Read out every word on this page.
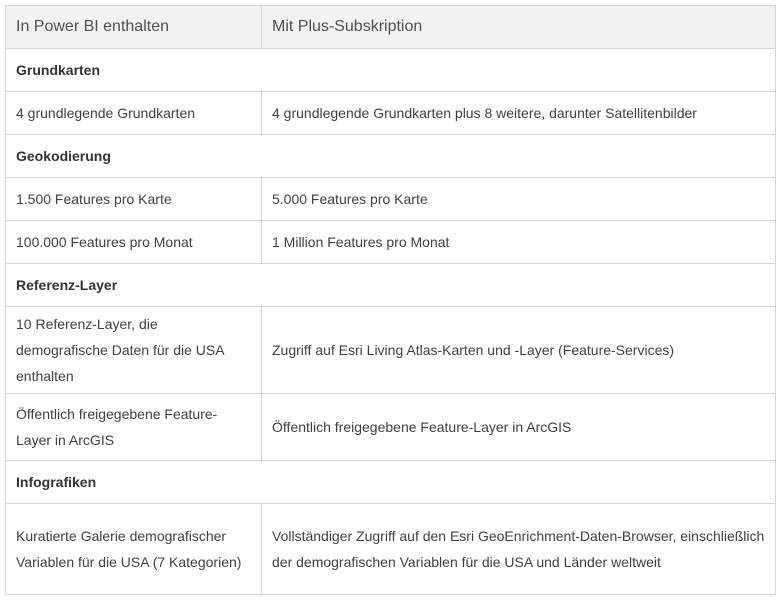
In Power BI enthalten	Mit Plus-Subskription
Grundkarten	
4 grundlegende Grundkarten	4 grundlegende Grundkarten plus 8 weitere, darunter Satellitenbilder
Geokodierung	
1.500 Features pro Karte	5.000 Features pro Karte
100.000 Features pro Monat	1 Million Features pro Monat
Referenz-Layer	
10 Referenz-Layer, die demografische Daten für die USA enthalten	Zugriff auf Esri Living Atlas-Karten und -Layer (Feature-Services)
Öffentlich freigegebene Feature-Layer in ArcGIS	Öffentlich freigegebene Feature-Layer in ArcGIS
Infografiken	
Kuratierte Galerie demografischer Variablen für die USA (7 Kategorien)	Vollständiger Zugriff auf den Esri GeoEnrichment-Daten-Browser, einschließlich der demografischen Variablen für die USA und Länder weltweit
